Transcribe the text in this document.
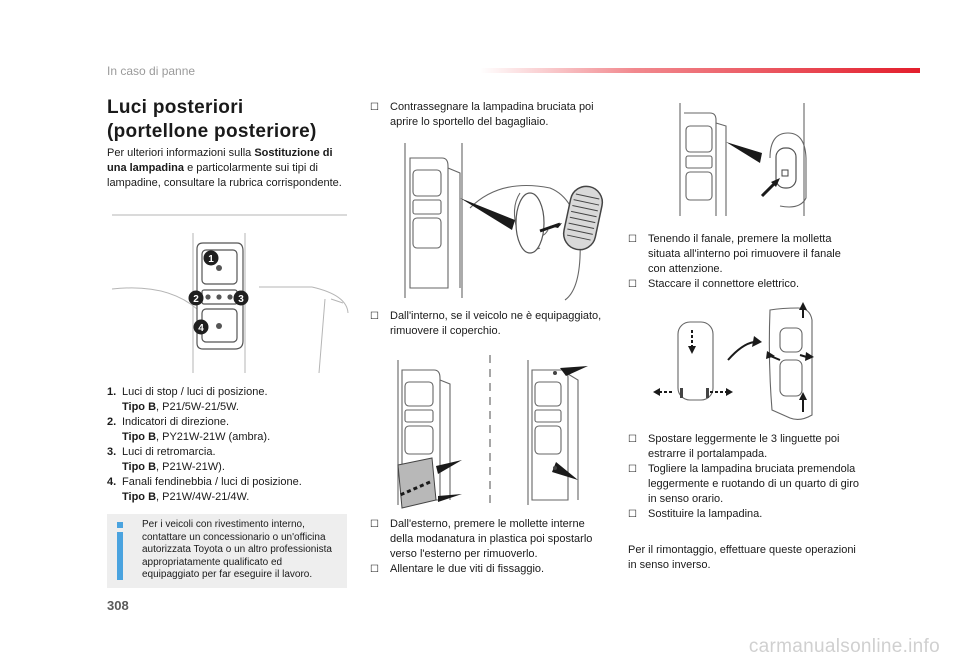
In caso di panne
Luci posteriori
(portellone posteriore)
Per ulteriori informazioni sulla Sostituzione di una lampadina e particolarmente sui tipi di lampadine, consultare la rubrica corrispondente.
1
2	3
4
1. Luci di stop / luci di posizione.
Tipo B, P21/5W-21/5W.
2. Indicatori di direzione.
Tipo B, PY21W-21W (ambra).
3. Luci di retromarcia.
Tipo B, P21W-21W).
4. Fanali fendinebbia / luci di posizione.
Tipo B, P21W/4W-21/4W.
Per i veicoli con rivestimento interno, contattare un concessionario o un'officina autorizzata Toyota o un altro professionista appropriatamente qualificato ed equipaggiato per far eseguire il lavoro.
☐	Contrassegnare la lampadina bruciata poi aprire lo sportello del bagagliaio.
☐	Dall'interno, se il veicolo ne è equipaggiato, rimuovere il coperchio.
☐	Dall'esterno, premere le mollette interne della modanatura in plastica poi spostarlo verso l'esterno per rimuoverlo.
☐	Allentare le due viti di fissaggio.
☐	Tenendo il fanale, premere la molletta situata all'interno poi rimuovere il fanale con attenzione.
☐	Staccare il connettore elettrico.
☐	Spostare leggermente le 3 linguette poi estrarre il portalampada.
☐	Togliere la lampadina bruciata premendola leggermente e ruotando di un quarto di giro in senso orario.
☐	Sostituire la lampadina.
Per il rimontaggio, effettuare queste operazioni in senso inverso.
308
carmanualsonline.info
